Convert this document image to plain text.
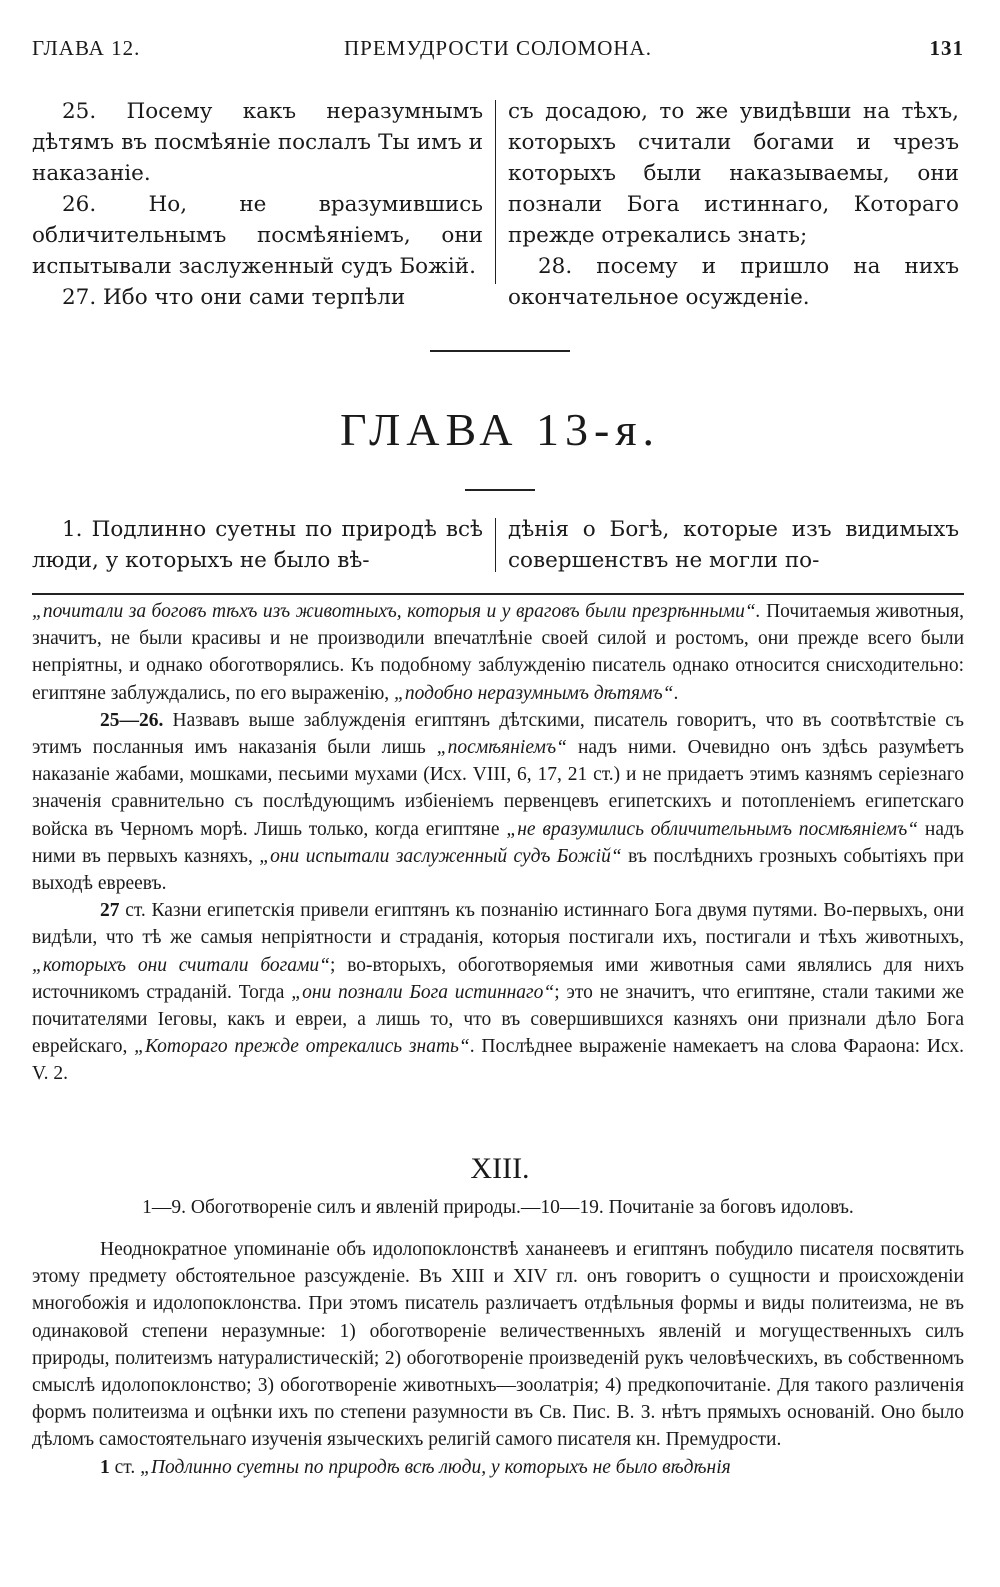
ГЛАВА 12.	ПРЕМУДРОСТИ СОЛОМОНА.	131

25. Посему какъ неразумнымъ дѣтямъ въ посмѣяніе послалъ Ты имъ и наказаніе.

26. Но, не вразумившись обличительнымъ посмѣяніемъ, они испытывали заслуженный судъ Божій.

27. Ибо что они сами терпѣли

съ досадою, то же увидѣвши на тѣхъ, которыхъ считали богами и чрезъ которыхъ были наказываемы, они познали Бога истиннаго, Котораго прежде отрекались знать;

28. посему и пришло на нихъ окончательное осужденіе.

ГЛАВА 13-я.

1. Подлинно суетны по природѣ всѣ люди, у которыхъ не было вѣ-

дѣнія о Богѣ, которые изъ видимыхъ совершенствъ не могли по-

„почитали за боговъ тѣхъ изъ животныхъ, которыя и у враговъ были презрѣнными“. Почитаемыя животныя, значитъ, не были красивы и не производили впечатлѣніе своей силой и ростомъ, они прежде всего были непріятны, и однако обоготворялись. Къ подобному заблужденію писатель однако относится снисходительно: египтяне заблуждались, по его выраженію, „подобно неразумнымъ дѣтямъ“.

25—26. Назвавъ выше заблужденія египтянъ дѣтскими, писатель говоритъ, что въ соотвѣтствіе съ этимъ посланныя имъ наказанія были лишь „посмѣяніемъ“ надъ ними. Очевидно онъ здѣсь разумѣетъ наказаніе жабами, мошками, песьими мухами (Исх. VIII, 6, 17, 21 ст.) и не придаетъ этимъ казнямъ серіезнаго значенія сравнительно съ послѣдующимъ избіеніемъ первенцевъ египетскихъ и потопленіемъ египетскаго войска въ Черномъ морѣ. Лишь только, когда египтяне „не вразумились обличительнымъ посмѣяніемъ“ надъ ними въ первыхъ казняхъ, „они испытали заслуженный судъ Божій“ въ послѣднихъ грозныхъ событіяхъ при выходѣ евреевъ.

27 ст. Казни египетскія привели египтянъ къ познанію истиннаго Бога двумя путями. Во-первыхъ, они видѣли, что тѣ же самыя непріятности и страданія, которыя постигали ихъ, постигали и тѣхъ животныхъ, „которыхъ они считали богами“; во-вторыхъ, обоготворяемыя ими животныя сами являлись для нихъ источникомъ страданій. Тогда „они познали Бога истиннаго“; это не значитъ, что египтяне, стали такими же почитателями Іеговы, какъ и евреи, а лишь то, что въ совершившихся казняхъ они признали дѣло Бога еврейскаго, „Котораго прежде отрекались знать“. Послѣднее выраженіе намекаетъ на слова Фараона: Исх. V. 2.

XIII.
1—9. Обоготвореніе силъ и явленій природы.—10—19. Почитаніе за боговъ идоловъ.

Неоднократное упоминаніе объ идолопоклонствѣ хананеевъ и египтянъ побудило писателя посвятить этому предмету обстоятельное разсужденіе. Въ XIII и XIV гл. онъ говоритъ о сущности и происхожденіи многобожія и идолопоклонства. При этомъ писатель различаетъ отдѣльныя формы и виды политеизма, не въ одинаковой степени неразумные: 1) обоготвореніе величественныхъ явленій и могущественныхъ силъ природы, политеизмъ натуралистическій; 2) обоготвореніе произведеній рукъ человѣческихъ, въ собственномъ смыслѣ идолопоклонство; 3) обоготвореніе животныхъ—зоолатрія; 4) предкопочитаніе. Для такого различенія формъ политеизма и оцѣнки ихъ по степени разумности въ Св. Пис. В. З. нѣтъ прямыхъ основаній. Оно было дѣломъ самостоятельнаго изученія языческихъ религій самого писателя кн. Премудрости.

1 ст. „Подлинно суетны по природѣ всѣ люди, у которыхъ не было вѣдѣнія
